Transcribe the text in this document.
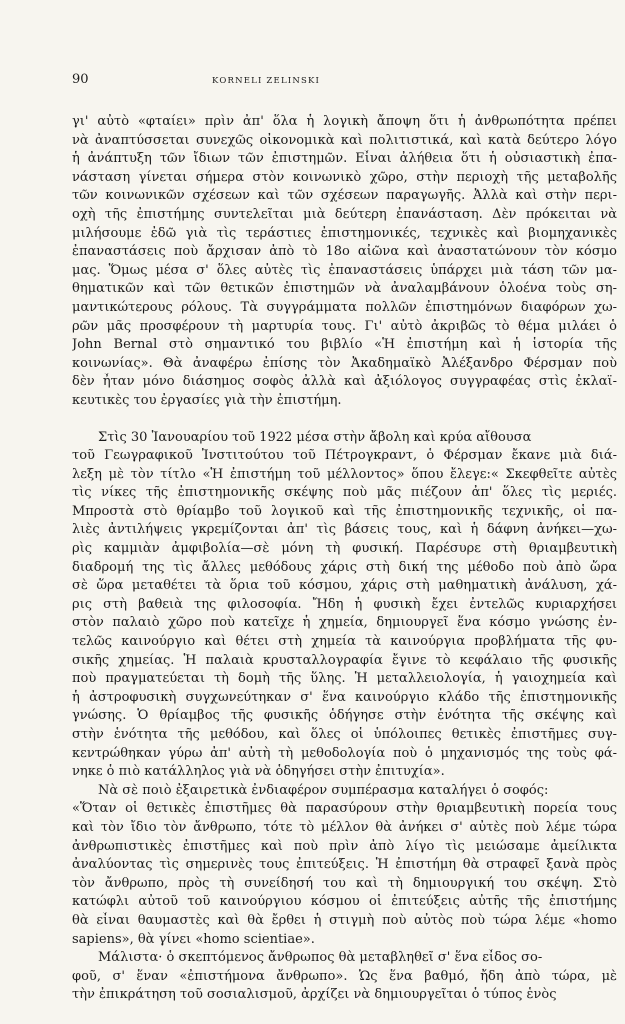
90	KORNELI ZELINSKI

γι' αὐτὸ «φταίει» πρὶν ἀπ' ὅλα ἡ λογικὴ ἄποψη ὅτι ἡ ἀνθρωπότητα πρέπει
νὰ ἀναπτύσσεται συνεχῶς οἰκονομικὰ καὶ πολιτιστικά, καὶ κατὰ δεύτερο λόγο
ἡ ἀνάπτυξη τῶν ἴδιων τῶν ἐπιστημῶν. Εἶναι ἀλήθεια ὅτι ἡ οὐσιαστικὴ ἐπα-
νάσταση γίνεται σήμερα στὸν κοινωνικὸ χῶρο, στὴν περιοχὴ τῆς μεταβολῆς
τῶν κοινωνικῶν σχέσεων καὶ τῶν σχέσεων παραγωγῆς. Ἀλλὰ καὶ στὴν περι-
οχὴ τῆς ἐπιστήμης συντελεῖται μιὰ δεύτερη ἐπανάσταση. Δὲν πρόκειται νὰ
μιλήσουμε ἐδῶ γιὰ τὶς τεράστιες ἐπιστημονικές, τεχνικὲς καὶ βιομηχανικὲς
ἐπαναστάσεις ποὺ ἄρχισαν ἀπὸ τὸ 18ο αἰῶνα καὶ ἀναστατώνουν τὸν κόσμο
μας. Ὅμως μέσα σ' ὅλες αὐτὲς τὶς ἐπαναστάσεις ὑπάρχει μιὰ τάση τῶν μα-
θηματικῶν καὶ τῶν θετικῶν ἐπιστημῶν νὰ ἀναλαμβάνουν ὁλοένα τοὺς ση-
μαντικώτερους ρόλους. Τὰ συγγράμματα πολλῶν ἐπιστημόνων διαφόρων χω-
ρῶν μᾶς προσφέρουν τὴ μαρτυρία τους. Γι' αὐτὸ ἀκριβῶς τὸ θέμα μιλάει ὁ
John Bernal στὸ σημαντικό του βιβλίο «Ἡ ἐπιστήμη καὶ ἡ ἱστορία τῆς
κοινωνίας». Θὰ ἀναφέρω ἐπίσης τὸν Ἀκαδημαϊκὸ Ἀλέξανδρο Φέρσμαν ποὺ
δὲν ἦταν μόνο διάσημος σοφὸς ἀλλὰ καὶ ἀξιόλογος συγγραφέας στὶς ἐκλαϊ-
κευτικὲς του ἐργασίες γιὰ τὴν ἐπιστήμη.

Στὶς 30 Ἰανουαρίου τοῦ 1922 μέσα στὴν ἄβολη καὶ κρύα αἴθουσα
τοῦ Γεωγραφικοῦ Ἰνστιτούτου τοῦ Πέτρογκραντ, ὁ Φέρσμαν ἔκανε μιὰ διά-
λεξη μὲ τὸν τίτλο «Ἡ ἐπιστήμη τοῦ μέλλοντος» ὅπου ἔλεγε:« Σκεφθεῖτε αὐτὲς
τὶς νίκες τῆς ἐπιστημονικῆς σκέψης ποὺ μᾶς πιέζουν ἀπ' ὅλες τὶς μεριές.
Μπροστὰ στὸ θρίαμβο τοῦ λογικοῦ καὶ τῆς ἐπιστημονικῆς τεχνικῆς, οἱ πα-
λιὲς ἀντιλήψεις γκρεμίζονται ἀπ' τὶς βάσεις τους, καὶ ἡ δάφνη ἀνήκει—χω-
ρὶς καμμιὰν ἀμφιβολία—σὲ μόνη τὴ φυσική. Παρέσυρε στὴ θριαμβευτικὴ
διαδρομή της τὶς ἄλλες μεθόδους χάρις στὴ δική της μέθοδο ποὺ ἀπὸ ὥρα
σὲ ὥρα μεταθέτει τὰ ὅρια τοῦ κόσμου, χάρις στὴ μαθηματικὴ ἀνάλυση, χά-
ρις στὴ βαθειὰ της φιλοσοφία. Ἤδη ἡ φυσικὴ ἔχει ἐντελῶς κυριαρχήσει
στὸν παλαιὸ χῶρο ποὺ κατεῖχε ἡ χημεία, δημιουργεῖ ἕνα κόσμο γνώσης ἐν-
τελῶς καινούργιο καὶ θέτει στὴ χημεία τὰ καινούργια προβλήματα τῆς φυ-
σικῆς χημείας. Ἡ παλαιὰ κρυσταλλογραφία ἔγινε τὸ κεφάλαιο τῆς φυσικῆς
ποὺ πραγματεύεται τὴ δομὴ τῆς ὕλης. Ἡ μεταλλειολογία, ἡ γαιοχημεία καὶ
ἡ ἀστροφυσικὴ συγχωνεύτηκαν σ' ἕνα καινούργιο κλάδο τῆς ἐπιστημονικῆς
γνώσης. Ὁ θρίαμβος τῆς φυσικῆς ὁδήγησε στὴν ἑνότητα τῆς σκέψης καὶ
στὴν ἑνότητα τῆς μεθόδου, καὶ ὅλες οἱ ὑπόλοιπες θετικὲς ἐπιστῆμες συγ-
κεντρώθηκαν γύρω ἀπ' αὐτὴ τὴ μεθοδολογία ποὺ ὁ μηχανισμός της τοὺς φά-
νηκε ὁ πιὸ κατάλληλος γιὰ νὰ ὁδηγήσει στὴν ἐπιτυχία».

Νὰ σὲ ποιὸ ἐξαιρετικὰ ἐνδιαφέρον συμπέρασμα καταλήγει ὁ σοφός:
«Ὅταν οἱ θετικὲς ἐπιστῆμες θὰ παρασύρουν στὴν θριαμβευτικὴ πορεία τους
καὶ τὸν ἴδιο τὸν ἄνθρωπο, τότε τὸ μέλλον θὰ ἀνήκει σ' αὐτὲς ποὺ λέμε τώρα
ἀνθρωπιστικὲς ἐπιστῆμες καὶ ποὺ πρὶν ἀπὸ λίγο τὶς μειώσαμε ἀμείλικτα
ἀναλύοντας τὶς σημερινὲς τους ἐπιτεύξεις. Ἡ ἐπιστήμη θὰ στραφεῖ ξανὰ πρὸς
τὸν ἄνθρωπο, πρὸς τὴ συνείδησή του καὶ τὴ δημιουργική του σκέψη. Στὸ
κατώφλι αὐτοῦ τοῦ καινούργιου κόσμου οἱ ἐπιτεύξεις αὐτῆς τῆς ἐπιστήμης
θὰ εἶναι θαυμαστὲς καὶ θὰ ἔρθει ἡ στιγμὴ ποὺ αὐτὸς ποὺ τώρα λέμε «homo
sapiens», θὰ γίνει «homo scientiae».

Μάλιστα· ὁ σκεπτόμενος ἄνθρωπος θὰ μεταβληθεῖ σ' ἕνα εἶδος σο-
φοῦ, σ' ἕναν «ἐπιστήμονα ἄνθρωπο». Ὡς ἕνα βαθμό, ἤδη ἀπὸ τώρα, μὲ
τὴν ἐπικράτηση τοῦ σοσιαλισμοῦ, ἀρχίζει νὰ δημιουργεῖται ὁ τύπος ἑνὸς
